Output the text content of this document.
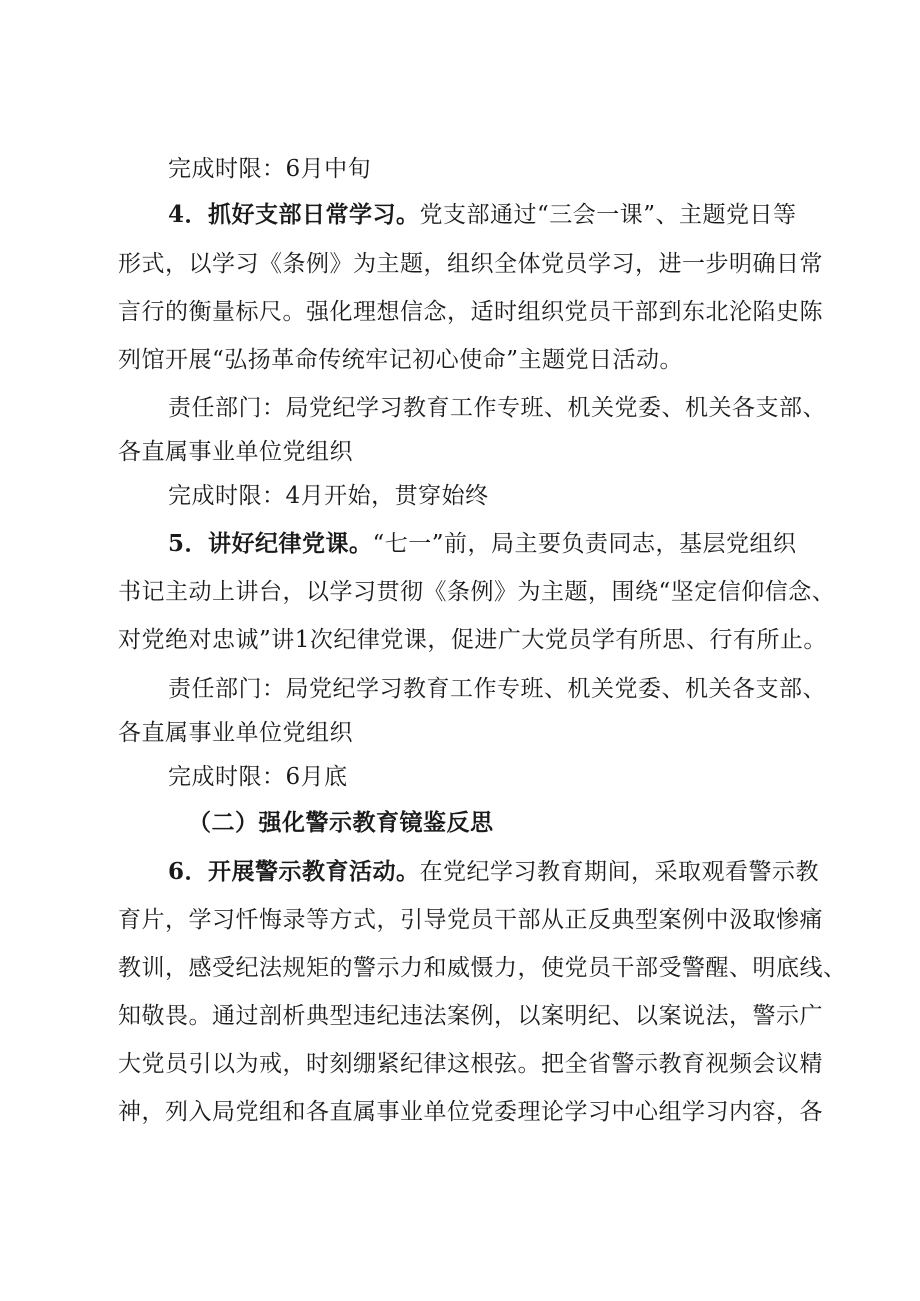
完成时限：6月中旬
4．抓好支部日常学习。党支部通过“三会一课”、主题党日等
形式，以学习《条例》为主题，组织全体党员学习，进一步明确日常
言行的衡量标尺。强化理想信念，适时组织党员干部到东北沦陷史陈
列馆开展“弘扬革命传统牢记初心使命”主题党日活动。
责任部门：局党纪学习教育工作专班、机关党委、机关各支部、
各直属事业单位党组织
完成时限：4月开始，贯穿始终
5．讲好纪律党课。“七一”前，局主要负责同志，基层党组织
书记主动上讲台，以学习贯彻《条例》为主题，围绕“坚定信仰信念、
对党绝对忠诚”讲1次纪律党课，促进广大党员学有所思、行有所止。
责任部门：局党纪学习教育工作专班、机关党委、机关各支部、
各直属事业单位党组织
完成时限：6月底
（二）强化警示教育镜鉴反思
6．开展警示教育活动。在党纪学习教育期间，采取观看警示教
育片，学习忏悔录等方式，引导党员干部从正反典型案例中汲取惨痛
教训，感受纪法规矩的警示力和威慑力，使党员干部受警醒、明底线、
知敬畏。通过剖析典型违纪违法案例，以案明纪、以案说法，警示广
大党员引以为戒，时刻绷紧纪律这根弦。把全省警示教育视频会议精
神，列入局党组和各直属事业单位党委理论学习中心组学习内容，各
